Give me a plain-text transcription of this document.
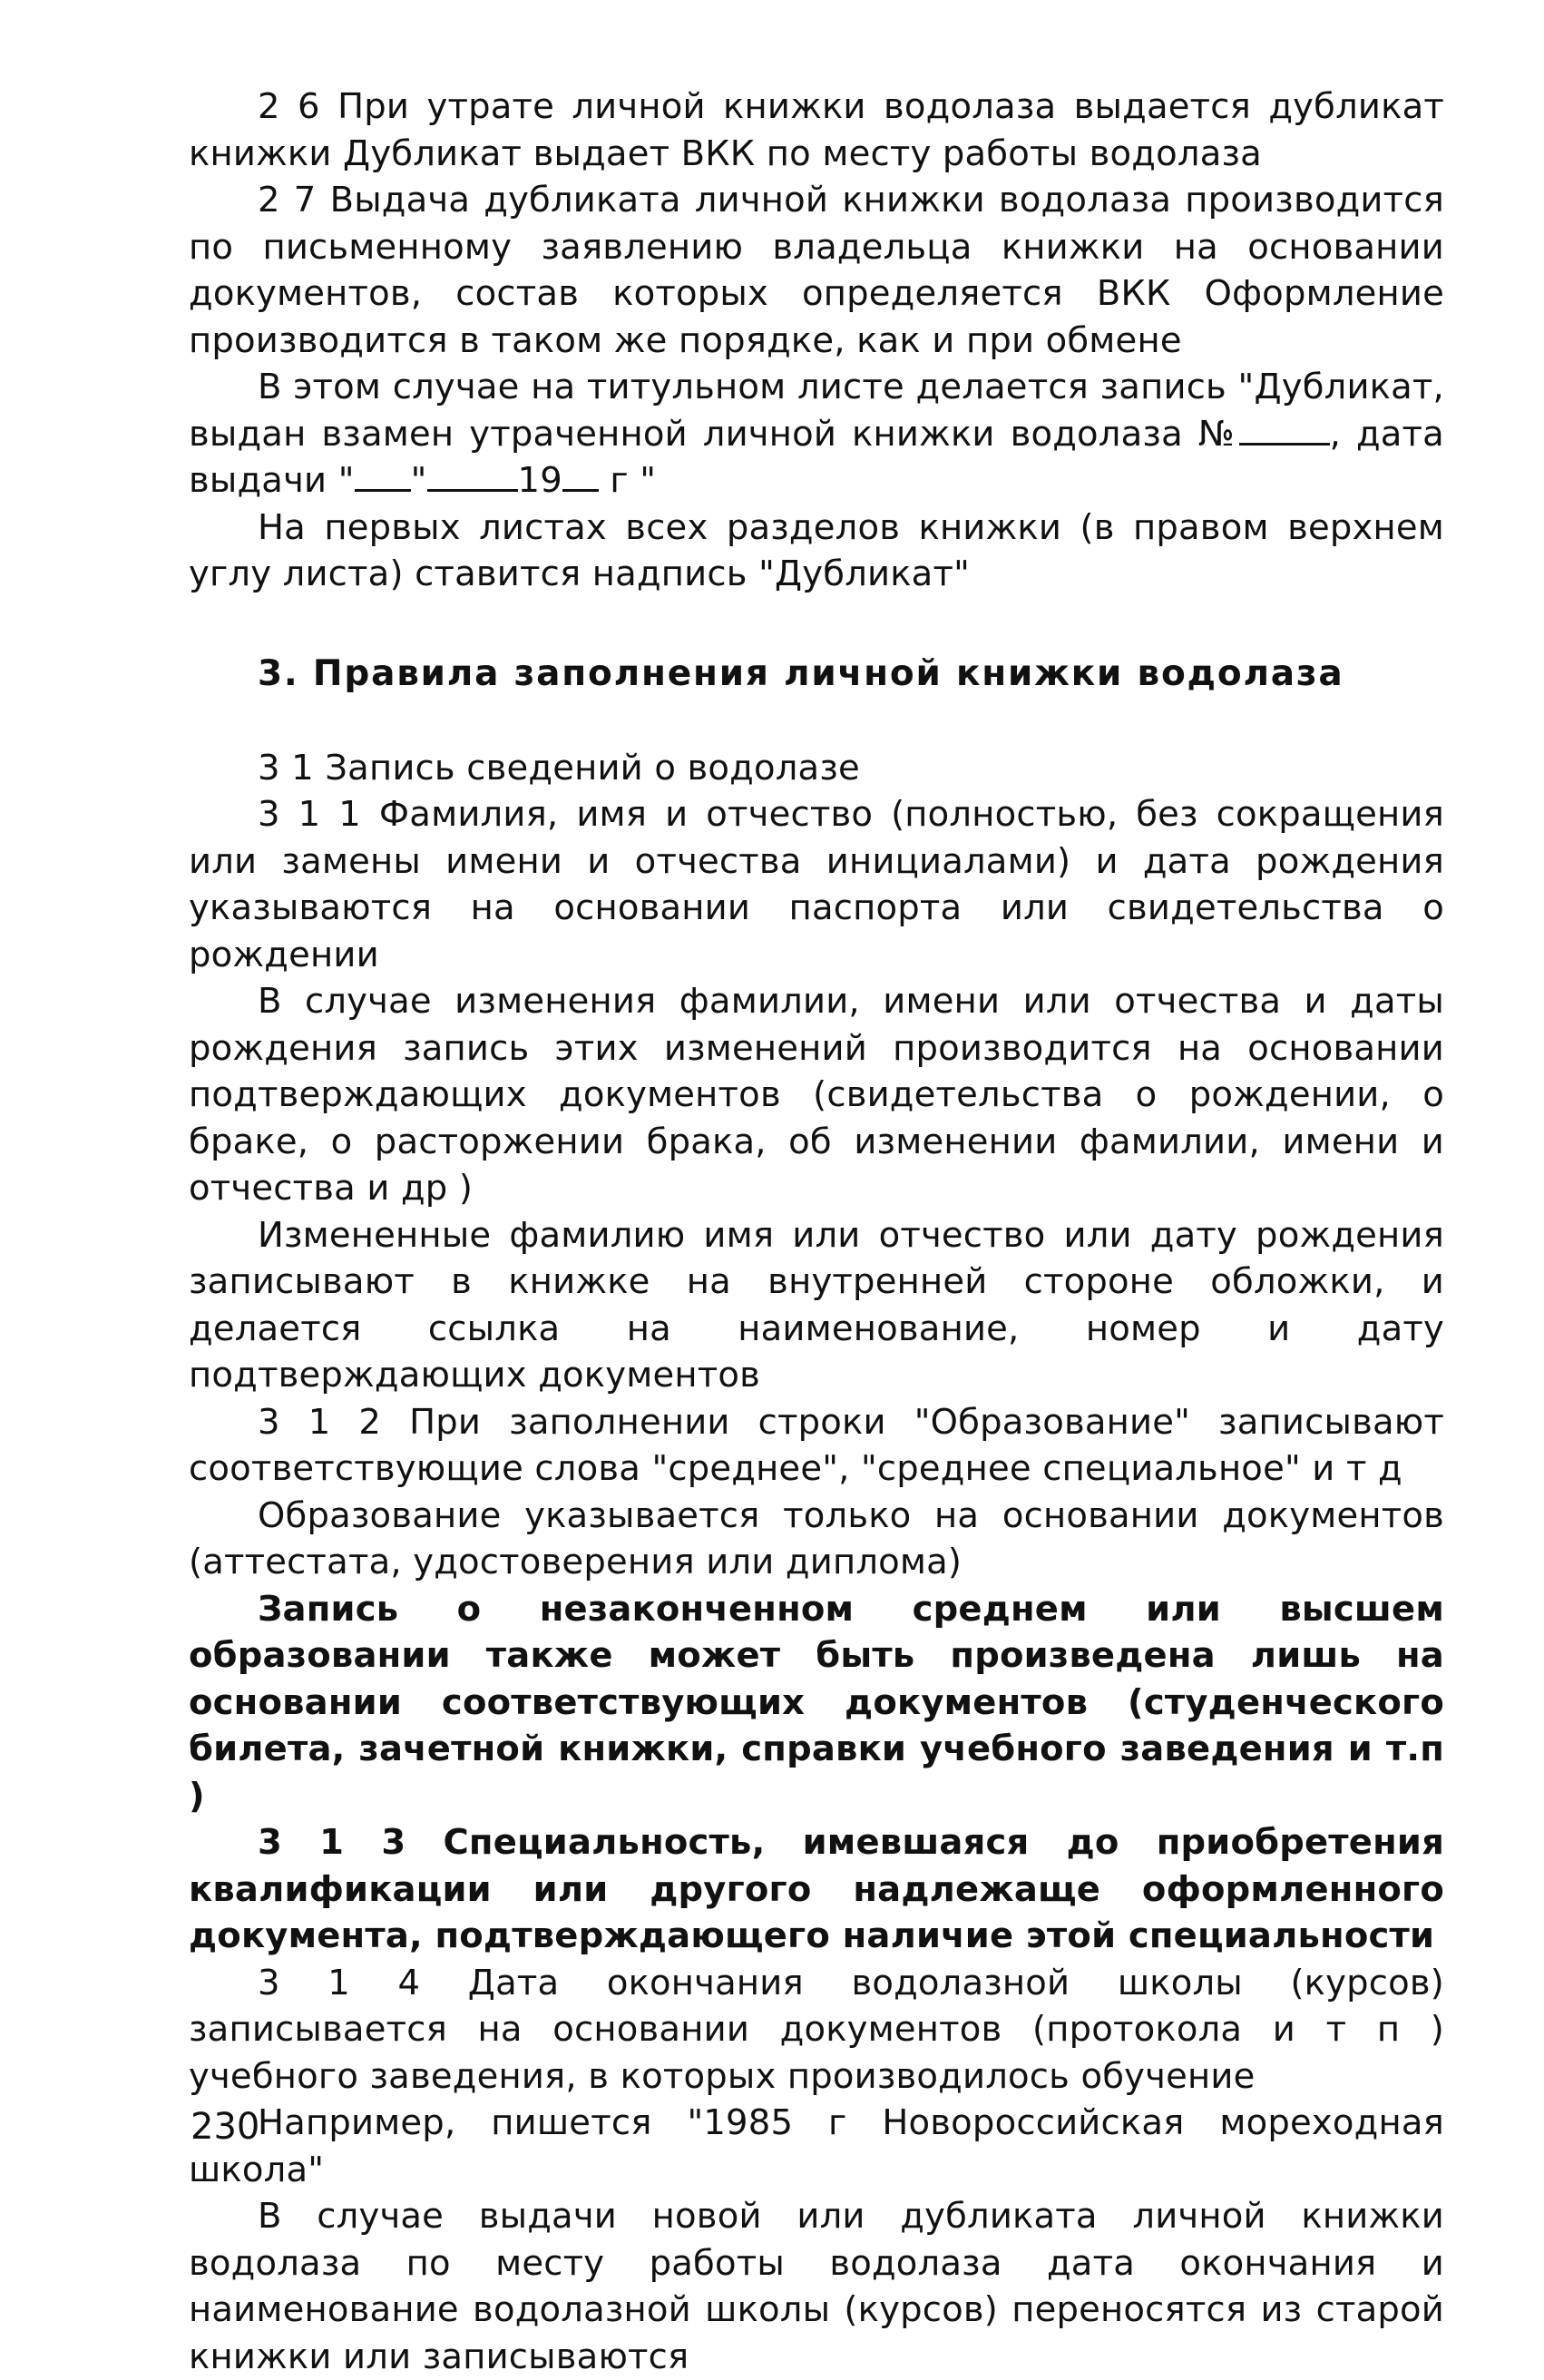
2 6 При утрате личной книжки водолаза выдается дубликат книжки Дубликат выдает ВКК по месту работы водолаза

2 7 Выдача дубликата личной книжки водолаза производится по письменному заявлению владельца книжки на основании документов, состав которых определяется ВКК Оформление производится в таком же порядке, как и при обмене

В этом случае на титульном листе делается запись "Дубликат, выдан взамен утраченной личной книжки водолаза №	, дата выдачи " "	19 г "

На первых листах всех разделов книжки (в правом верхнем углу листа) ставится надпись "Дубликат"

3. Правила заполнения личной книжки водолаза

3 1 Запись сведений о водолазе

3 1 1 Фамилия, имя и отчество (полностью, без сокращения или замены имени и отчества инициалами) и дата рождения указываются на основании паспорта или свидетельства о рождении

В случае изменения фамилии, имени или отчества и даты рождения запись этих изменений производится на основании подтверждающих документов (свидетельства о рождении, о браке, о расторжении брака, об изменении фамилии, имени и отчества и др )

Измененные фамилию имя или отчество или дату рождения записывают в книжке на внутренней стороне обложки, и делается ссылка на наименование, номер и дату подтверждающих документов

3 1 2 При заполнении строки "Образование" записывают соответствующие слова "среднее", "среднее специальное" и т д

Образование указывается только на основании документов (аттестата, удостоверения или диплома)

Запись о незаконченном среднем или высшем образовании также может быть произведена лишь на основании соответствующих документов (студенческого билета, зачетной книжки, справки учебного заведения и т.п )

3 1 3 Специальность, имевшаяся до приобретения квалификации или другого надлежаще оформленного документа, подтверждающего наличие этой специальности

3 1 4 Дата окончания водолазной школы (курсов) записывается на основании документов (протокола и т п ) учебного заведения, в которых производилось обучение

Например, пишется "1985 г Новороссийская мореходная школа"

В случае выдачи новой или дубликата личной книжки водолаза по месту работы водолаза дата окончания и наименование водолазной школы (курсов) переносятся из старой книжки или записываются

230
